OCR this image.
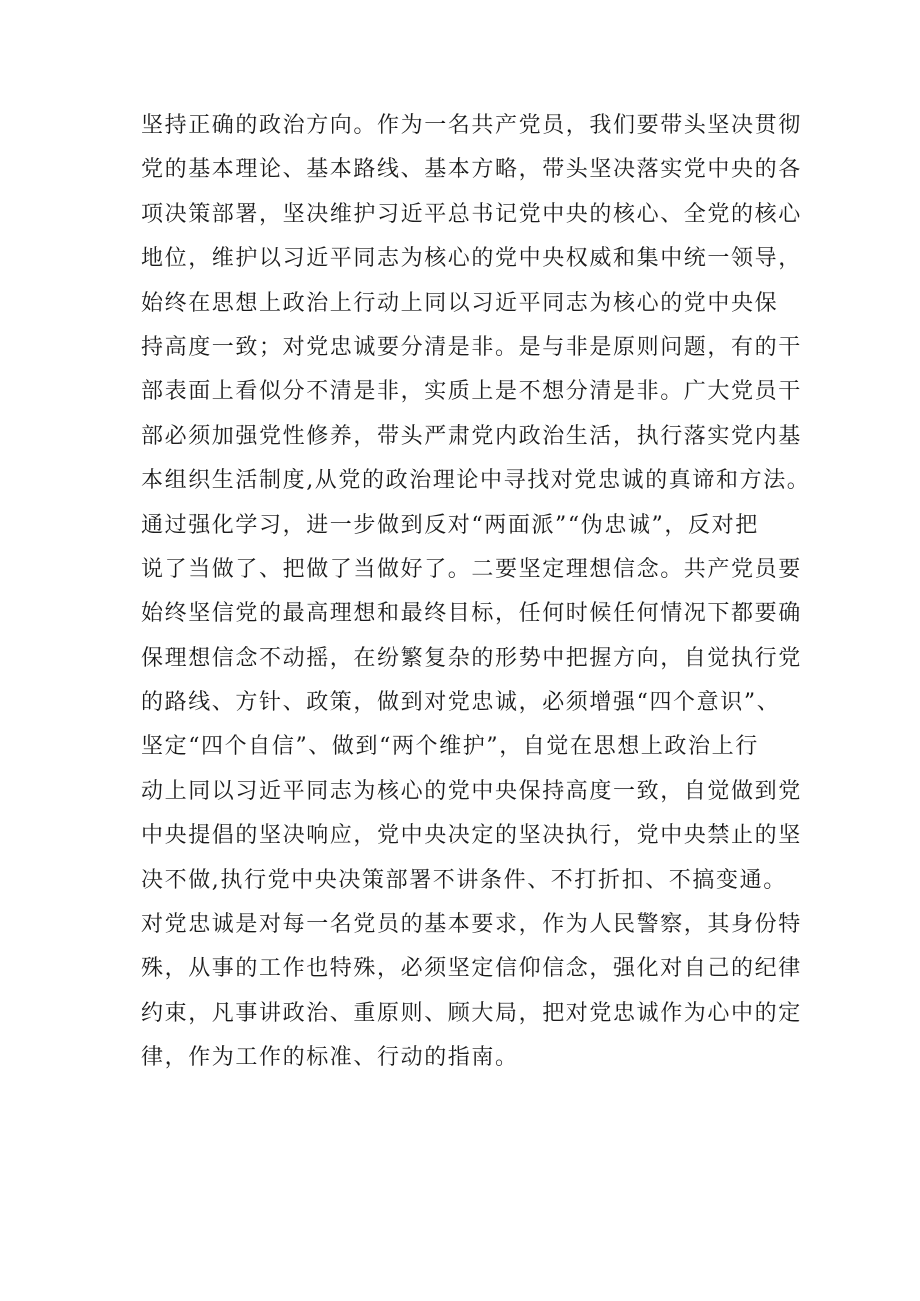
坚持正确的政治方向。作为一名共产党员，我们要带头坚决贯彻
党的基本理论、基本路线、基本方略，带头坚决落实党中央的各
项决策部署，坚决维护习近平总书记党中央的核心、全党的核心
地位，维护以习近平同志为核心的党中央权威和集中统一领导，
始终在思想上政治上行动上同以习近平同志为核心的党中央保
持高度一致；对党忠诚要分清是非。是与非是原则问题，有的干
部表面上看似分不清是非，实质上是不想分清是非。广大党员干
部必须加强党性修养，带头严肃党内政治生活，执行落实党内基
本组织生活制度,从党的政治理论中寻找对党忠诚的真谛和方法。
通过强化学习，进一步做到反对“两面派”“伪忠诚”，反对把
说了当做了、把做了当做好了。二要坚定理想信念。共产党员要
始终坚信党的最高理想和最终目标，任何时候任何情况下都要确
保理想信念不动摇，在纷繁复杂的形势中把握方向，自觉执行党
的路线、方针、政策，做到对党忠诚，必须增强“四个意识”、
坚定“四个自信”、做到“两个维护”，自觉在思想上政治上行
动上同以习近平同志为核心的党中央保持高度一致，自觉做到党
中央提倡的坚决响应，党中央决定的坚决执行，党中央禁止的坚
决不做,执行党中央决策部署不讲条件、不打折扣、不搞变通。
对党忠诚是对每一名党员的基本要求，作为人民警察，其身份特
殊，从事的工作也特殊，必须坚定信仰信念，强化对自己的纪律
约束，凡事讲政治、重原则、顾大局，把对党忠诚作为心中的定
律，作为工作的标准、行动的指南。
